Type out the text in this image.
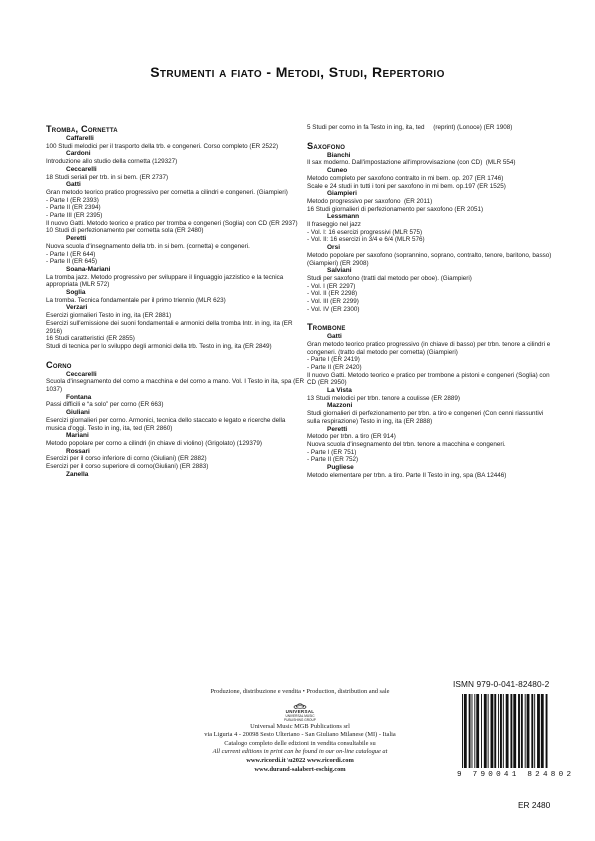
Strumenti a fiato - Metodi, Studi, Repertorio
Tromba, Cornetta
Caffarelli
100 Studi melodici per il trasporto della trb. e congeneri. Corso completo (ER 2522)
Cardoni
Introduzione allo studio della cornetta (129327)
Ceccarelli
18 Studi seriali per trb. in si bem. (ER 2737)
Gatti
Gran metodo teorico pratico progressivo per cornetta a cilindri e congeneri. (Giampieri)
- Parte I (ER 2393)
- Parte II (ER 2394)
- Parte III (ER 2395)
Il nuovo Gatti. Metodo teorico e pratico per tromba e congeneri (Soglia) con CD (ER 2937)
10 Studi di perfezionamento per cornetta sola (ER 2480)
Peretti
Nuova scuola d'insegnamento della trb. in si bem. (cornetta) e congeneri.
- Parte I (ER 644)
- Parte II (ER 645)
Soana-Mariani
La tromba jazz. Metodo progressivo per sviluppare il linguaggio jazzistico e la tecnica appropriata (MLR 572)
Soglia
La tromba. Tecnica fondamentale per il primo triennio (MLR 623)
Verzari
Esercizi giornalieri Testo in ing, ita (ER 2881)
Esercizi sull'emissione dei suoni fondamentali e armonici della tromba Intr. in ing, ita (ER 2916)
16 Studi caratteristici (ER 2855)
Studi di tecnica per lo sviluppo degli armonici della trb. Testo in ing, ita (ER 2849)
Corno
Ceccarelli
Scuola d'insegnamento del corno a macchina e del corno a mano. Vol. I Testo in ita, spa (ER 1037)
Fontana
Passi difficili e “a solo” per corno (ER 663)
Giuliani
Esercizi giornalieri per corno. Armonici, tecnica dello staccato e legato e ricerche della musica d'oggi. Testo in ing, ita, ted (ER 2860)
Mariani
Metodo popolare per corno a cilindri (in chiave di violino) (Grigolato) (129379)
Rossari
Esercizi per il corso inferiore di corno (Giuliani) (ER 2882)
Esercizi per il corso superiore di corno(Giuliani) (ER 2883)
Zanella
5 Studi per corno in fa Testo in ing, ita, ted     (reprint) (Lonoce) (ER 1908)
Saxofono
Bianchi
Il sax moderno. Dall'impostazione all'improvvisazione (con CD)  (MLR 554)
Cuneo
Metodo completo per saxofono contralto in mi bem. op. 207 (ER 1746)
Scale e 24 studi in tutti i toni per saxofono in mi bem. op.197 (ER 1525)
Giampieri
Metodo progressivo per saxofono  (ER 2011)
16 Studi giornalieri di perfezionamento per saxofono (ER 2051)
Lessmann
Il fraseggio nel jazz
- Vol. I: 16 esercizi progressivi (MLR 575)
- Vol. II: 16 esercizi in 3/4 e 6/4 (MLR 576)
Orsi
Metodo popolare per saxofono (soprannino, soprano, contralto, tenore, baritono, basso) (Giampieri) (ER 2908)
Salviani
Studi per saxofono (tratti dal metodo per oboe). (Giampieri)
- Vol. I (ER 2297)
- Vol. II (ER 2298)
- Vol. III (ER 2299)
- Vol. IV (ER 2300)
Trombone
Gatti
Gran metodo teorico pratico progressivo (in chiave di basso) per trbn. tenore a cilindri e congeneri. (tratto dal metodo per cornetta) (Giampieri)
- Parte I (ER 2419)
- Parte II (ER 2420)
Il nuovo Gatti. Metodo teorico e pratico per trombone a pistoni e congeneri (Soglia) con CD (ER 2950)
La Vista
13 Studi melodici per trbn. tenore a coulisse (ER 2889)
Mazzoni
Studi giornalieri di perfezionamento per trbn. a tiro e congeneri (Con cenni riassuntivi sulla respirazione) Testo in ing, ita (ER 2888)
Peretti
Metodo per trbn. a tiro (ER 914)
Nuova scuola d'insegnamento del trbn. tenore a macchina e congeneri.
- Parte I (ER 751)
- Parte II (ER 752)
Pugliese
Metodo elementare per trbn. a tiro. Parte II Testo in ing, spa (BA 12446)
Produzione, distribuzione e vendita • Production, distribution and sale
UNIVERSAL
UNIVERSAL MUSIC
PUBLISHING GROUP
Universal Music MGB Publications srl
via Liguria 4 - 20098 Sesto Ulteriano - San Giuliano Milanese (MI) - Italia
Catalogo completo delle edizioni in vendita consultabile su
All current editions in print can be found in our on-line catalogue at
www.ricordi.it \u2022 www.ricordi.com
www.durand-salabert-eschig.com
ISMN 979-0-041-82480-2
9 790041 824802
ER 2480
